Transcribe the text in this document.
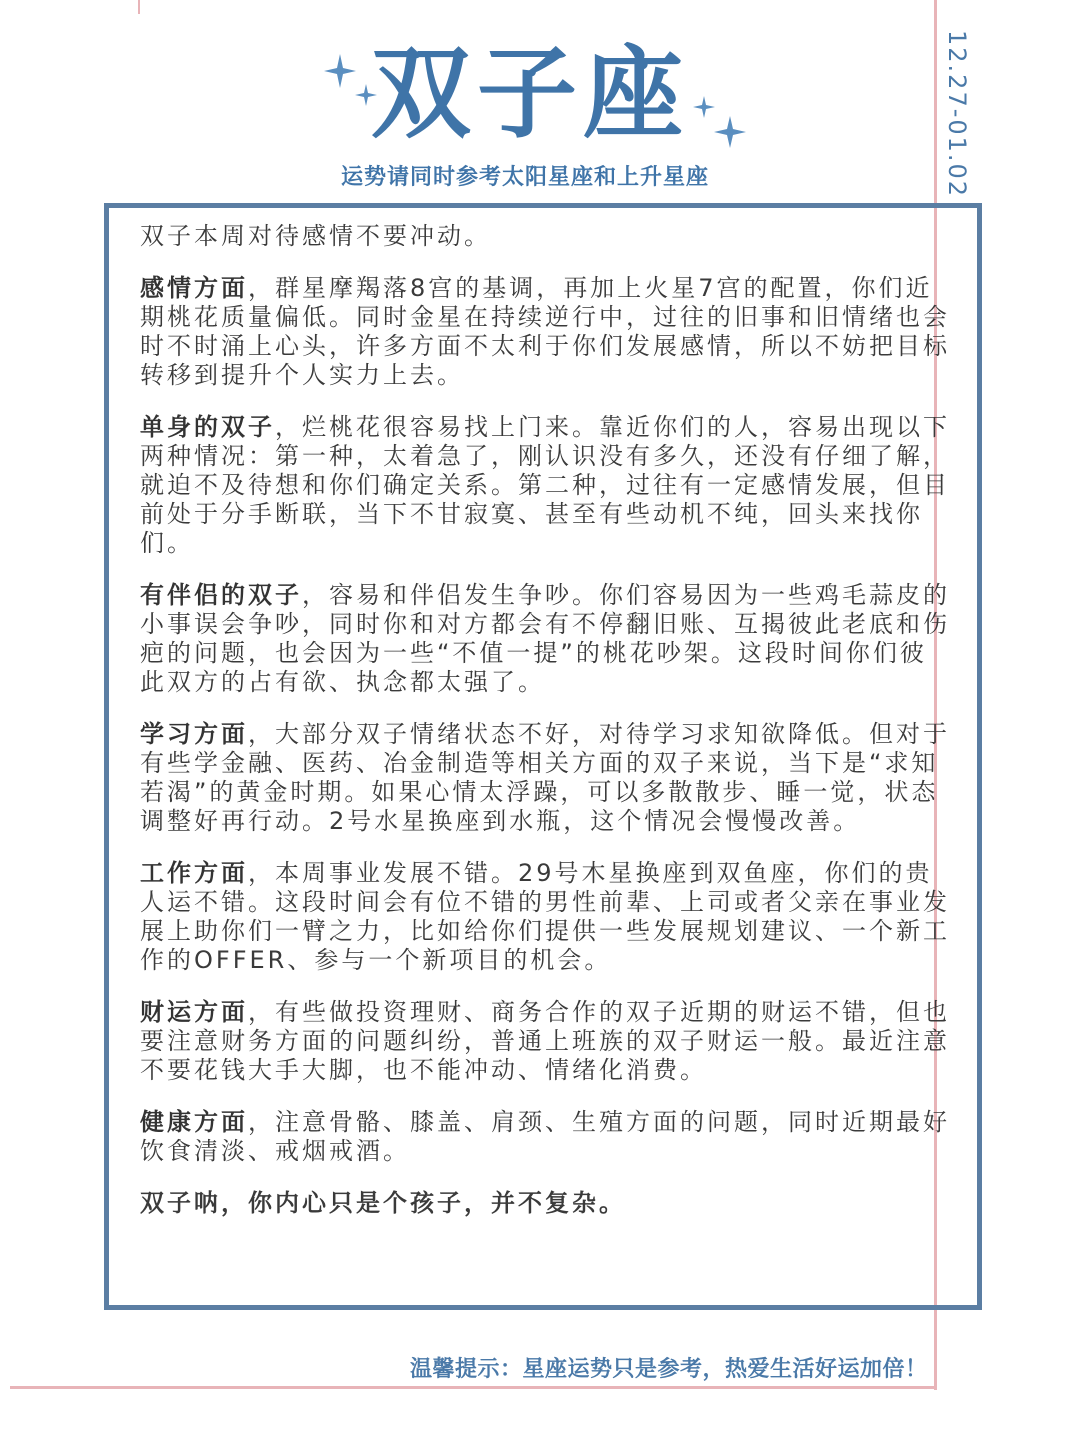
12.27-01.02
双子座
运势请同时参考太阳星座和上升星座

双子本周对待感情不要冲动。

感情方面，群星摩羯落8宫的基调，再加上火星7宫的配置，你们近期桃花质量偏低。同时金星在持续逆行中，过往的旧事和旧情绪也会时不时涌上心头，许多方面不太利于你们发展感情，所以不妨把目标转移到提升个人实力上去。

单身的双子，烂桃花很容易找上门来。靠近你们的人，容易出现以下两种情况：第一种，太着急了，刚认识没有多久，还没有仔细了解，就迫不及待想和你们确定关系。第二种，过往有一定感情发展，但目前处于分手断联，当下不甘寂寞、甚至有些动机不纯，回头来找你们。

有伴侣的双子，容易和伴侣发生争吵。你们容易因为一些鸡毛蒜皮的小事误会争吵，同时你和对方都会有不停翻旧账、互揭彼此老底和伤疤的问题，也会因为一些“不值一提”的桃花吵架。这段时间你们彼此双方的占有欲、执念都太强了。

学习方面，大部分双子情绪状态不好，对待学习求知欲降低。但对于有些学金融、医药、冶金制造等相关方面的双子来说，当下是“求知若渴”的黄金时期。如果心情太浮躁，可以多散散步、睡一觉，状态调整好再行动。2号水星换座到水瓶，这个情况会慢慢改善。

工作方面，本周事业发展不错。29号木星换座到双鱼座，你们的贵人运不错。这段时间会有位不错的男性前辈、上司或者父亲在事业发展上助你们一臂之力，比如给你们提供一些发展规划建议、一个新工作的OFFER、参与一个新项目的机会。

财运方面，有些做投资理财、商务合作的双子近期的财运不错，但也要注意财务方面的问题纠纷，普通上班族的双子财运一般。最近注意不要花钱大手大脚，也不能冲动、情绪化消费。

健康方面，注意骨骼、膝盖、肩颈、生殖方面的问题，同时近期最好饮食清淡、戒烟戒酒。

双子呐，你内心只是个孩子，并不复杂。

温馨提示：星座运势只是参考，热爱生活好运加倍！
